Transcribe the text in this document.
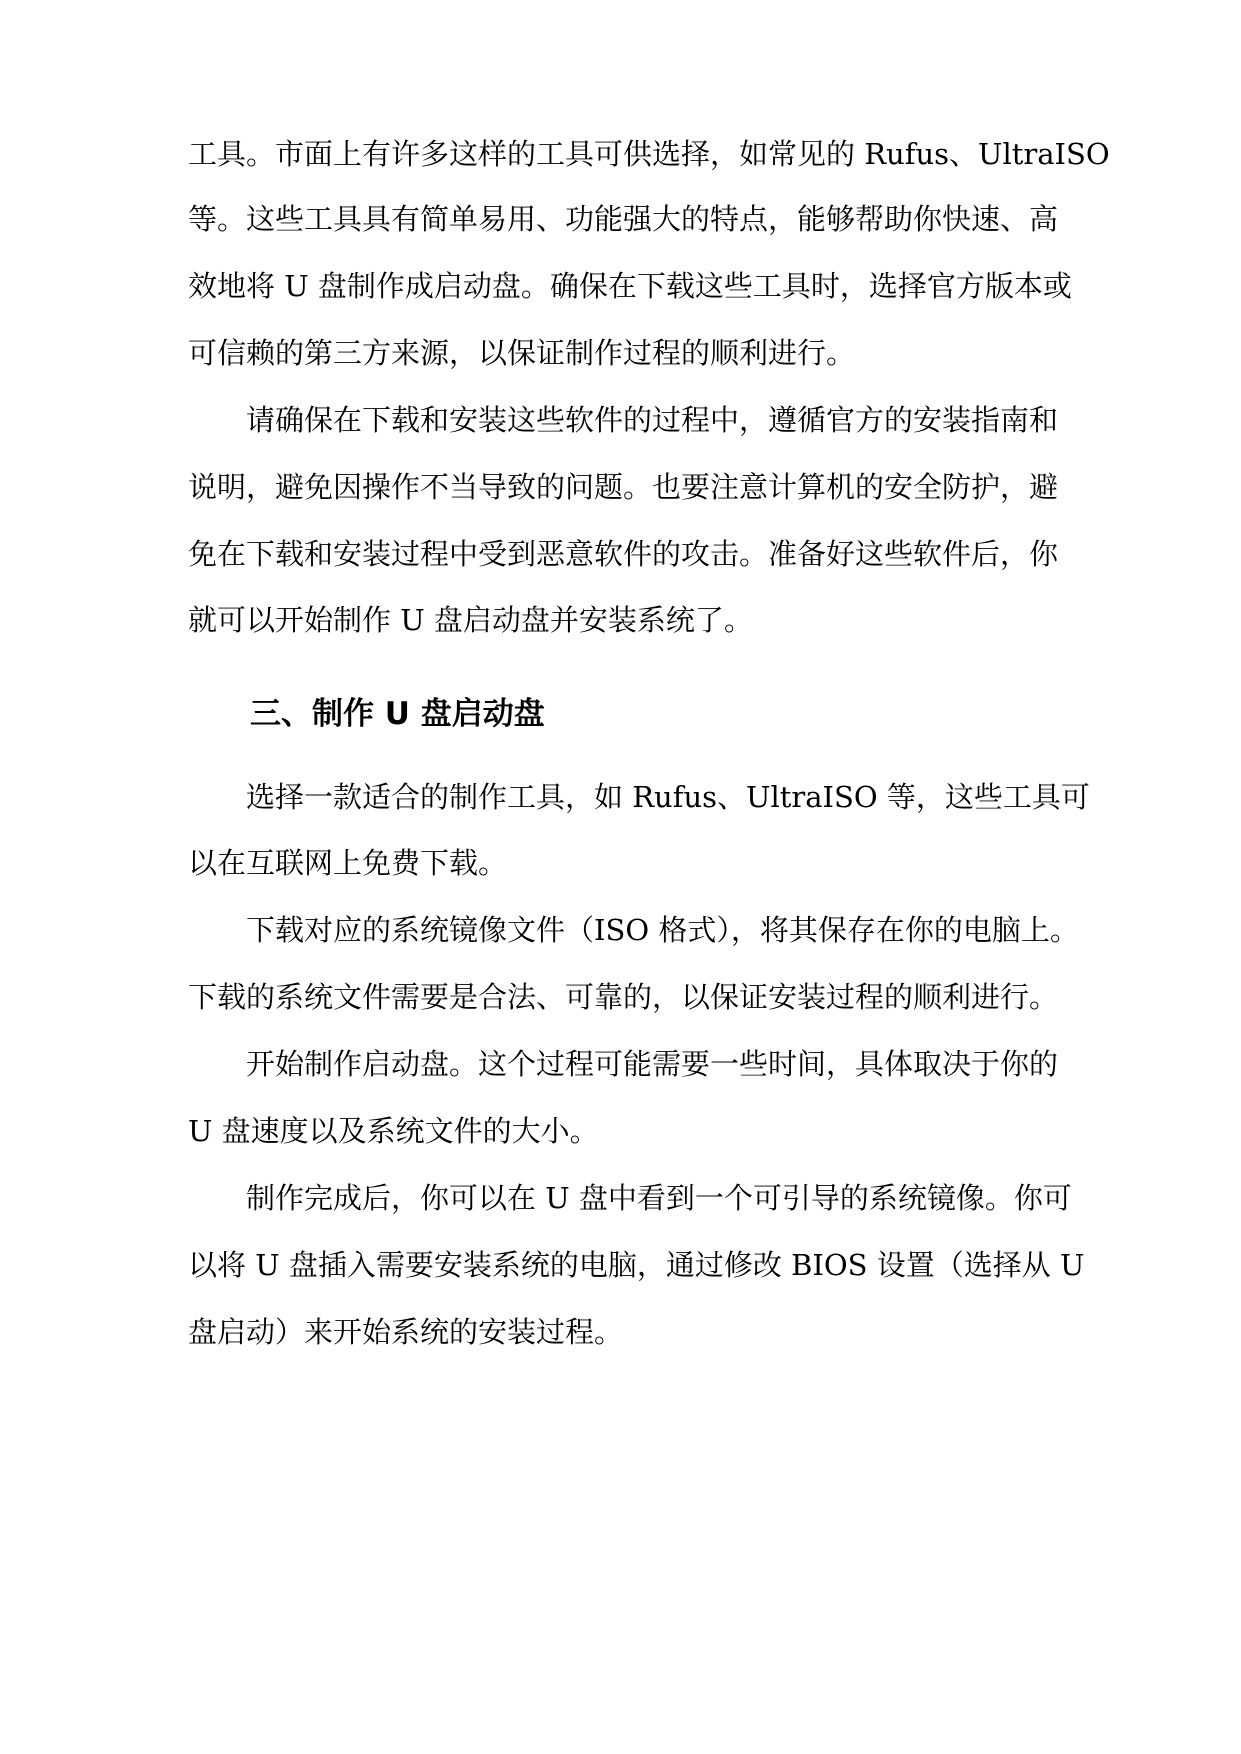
工具。市面上有许多这样的工具可供选择，如常见的 Rufus、UltraISO

等。这些工具具有简单易用、功能强大的特点，能够帮助你快速、高

效地将 U 盘制作成启动盘。确保在下载这些工具时，选择官方版本或

可信赖的第三方来源，以保证制作过程的顺利进行。

请确保在下载和安装这些软件的过程中，遵循官方的安装指南和

说明，避免因操作不当导致的问题。也要注意计算机的安全防护，避

免在下载和安装过程中受到恶意软件的攻击。准备好这些软件后，你

就可以开始制作 U 盘启动盘并安装系统了。

三、制作 U 盘启动盘

选择一款适合的制作工具，如 Rufus、UltraISO 等，这些工具可

以在互联网上免费下载。

下载对应的系统镜像文件（ISO 格式），将其保存在你的电脑上。

下载的系统文件需要是合法、可靠的，以保证安装过程的顺利进行。

开始制作启动盘。这个过程可能需要一些时间，具体取决于你的

U 盘速度以及系统文件的大小。

制作完成后，你可以在 U 盘中看到一个可引导的系统镜像。你可

以将 U 盘插入需要安装系统的电脑，通过修改 BIOS 设置（选择从 U

盘启动）来开始系统的安装过程。
